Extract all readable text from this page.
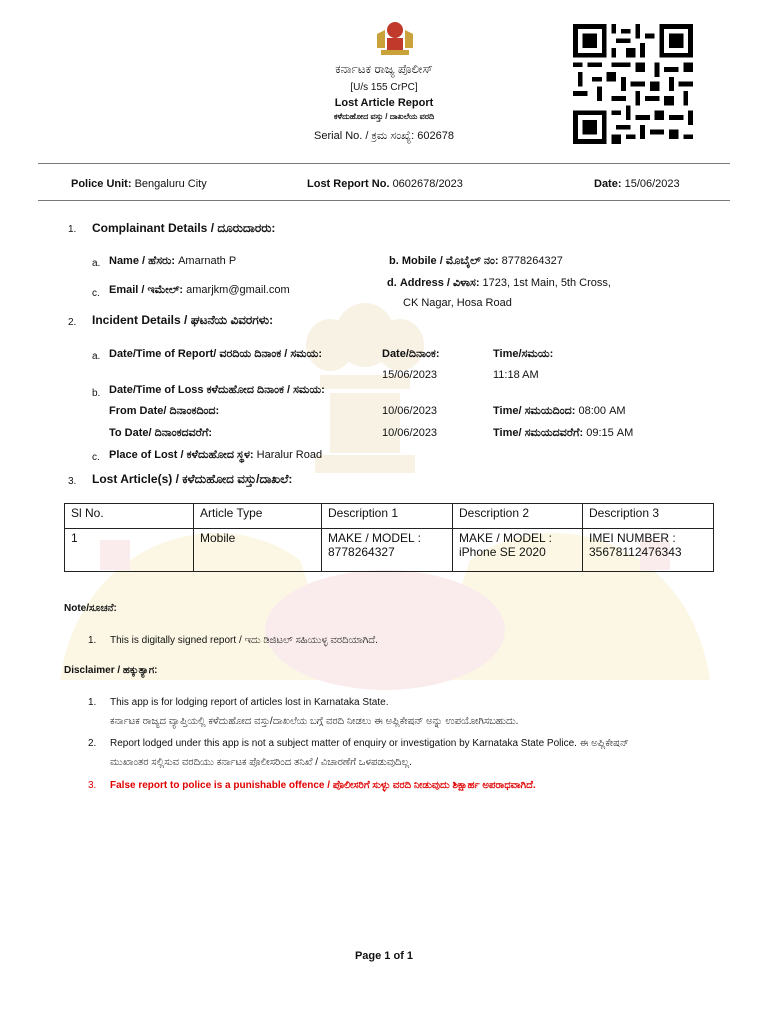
ಕರ್ನಾಟಕ ರಾಜ್ಯ ಪೊಲೀಸ್
[U/s 155 CrPC]
Lost Article Report
ಕಳೆದುಹೋದ ವಸ್ತು / ದಾಖಲೆಯ ವರದಿ
Serial No. / ಕ್ರಮ ಸಂಖ್ಯೆ: 602678
Police Unit: Bengaluru City	Lost Report No. 0602678/2023	Date: 15/06/2023
1. Complainant Details / ದೂರುದಾರರು:
a. Name / ಹೆಸರು: Amarnath P	b. Mobile / ಮೊಬೈಲ್ ನಂ: 8778264327
c. Email / ಇಮೇಲ್: amarjkm@gmail.com
d. Address / ವಿಳಾಸ: 1723, 1st Main, 5th Cross,
CK Nagar, Hosa Road
2. Incident Details / ಘಟನೆಯ ವಿವರಗಳು:
a. Date/Time of Report/ ವರದಿಯ ದಿನಾಂಕ / ಸಮಯ:	Date/ದಿನಾಂಕ:	Time/ಸಮಯ:
15/06/2023	11:18 AM
b. Date/Time of Loss ಕಳೆದುಹೋದ ದಿನಾಂಕ / ಸಮಯ:
From Date/ ದಿನಾಂಕದಿಂದ:	10/06/2023	Time/ ಸಮಯದಿಂದ: 08:00 AM
To Date/ ದಿನಾಂಕದವರೆಗೆ:	10/06/2023	Time/ ಸಮಯದವರೆಗೆ: 09:15 AM
c. Place of Lost / ಕಳೆದುಹೋದ ಸ್ಥಳ: Haralur Road
3. Lost Article(s) / ಕಳೆದುಹೋದ ವಸ್ತು/ದಾಖಲೆ:
Sl No.	Article Type	Description 1	Description 2	Description 3
1	Mobile	MAKE / MODEL : 8778264327	MAKE / MODEL : iPhone SE 2020	IMEI NUMBER : 35678112476343
Note/ಸೂಚನೆ:
1. This is digitally signed report / ಇದು ಡಿಜಿಟಲ್ ಸಹಿಯುಳ್ಳ ವರದಿಯಾಗಿದೆ.
Disclaimer / ಹಕ್ಕುತ್ಯಾಗ:
1. This app is for lodging report of articles lost in Karnataka State.
ಕರ್ನಾಟಕ ರಾಜ್ಯದ ವ್ಯಾಪ್ತಿಯಲ್ಲಿ ಕಳೆದುಹೋದ ವಸ್ತು/ದಾಖಲೆಯ ಬಗ್ಗೆ ವರದಿ ನೀಡಲು ಈ ಅಪ್ಲಿಕೇಷನ್ ಅನ್ನು ಉಪಯೋಗಿಸಬಹುದು.
2. Report lodged under this app is not a subject matter of enquiry or investigation by Karnataka State Police. ಈ ಅಪ್ಲಿಕೇಷನ್
ಮುಖಾಂತರ ಸಲ್ಲಿಸುವ ವರದಿಯು ಕರ್ನಾಟಕ ಪೊಲೀಸರಿಂದ ತನಿಖೆ / ವಿಚಾರಣೆಗೆ ಒಳಪಡುವುದಿಲ್ಲ.
3. False report to police is a punishable offence / ಪೊಲೀಸರಿಗೆ ಸುಳ್ಳು ವರದಿ ನೀಡುವುದು ಶಿಕ್ಷಾರ್ಹ ಅಪರಾಧವಾಗಿದೆ.
Page 1 of 1
